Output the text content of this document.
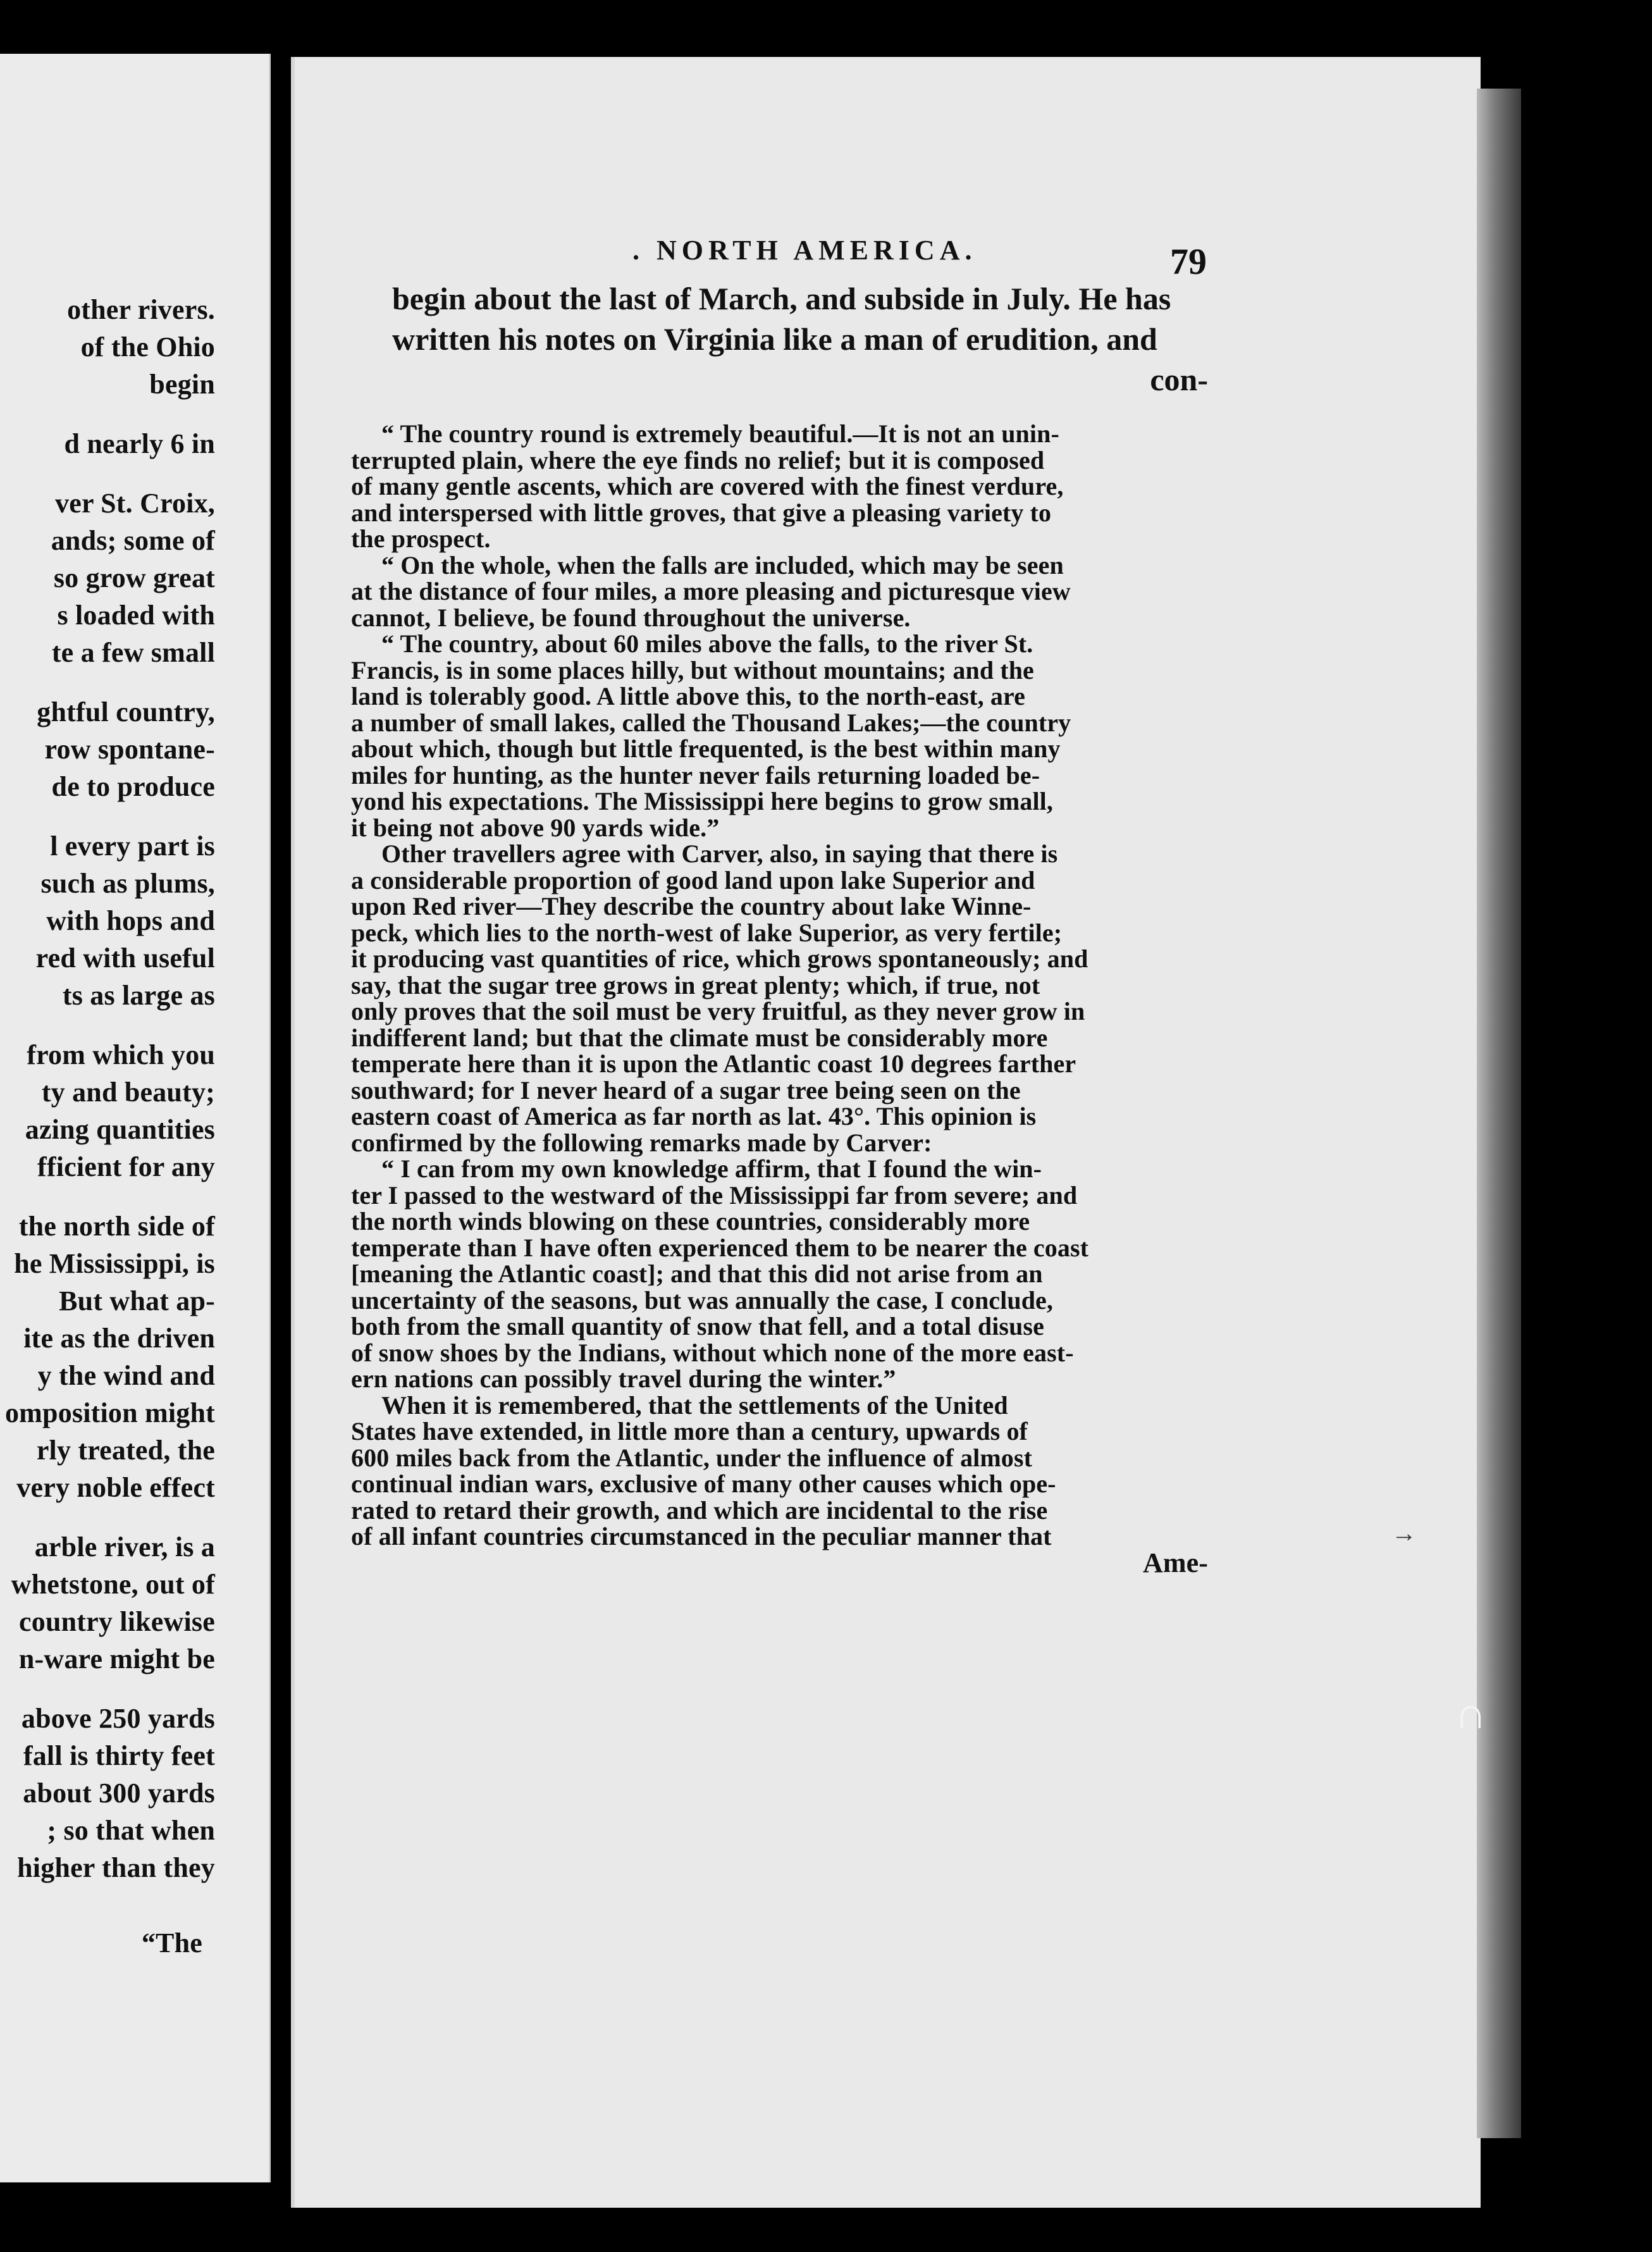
other rivers.
of the Ohio
begin
d nearly 6 in
ver St. Croix,
ands; some of
so grow great
s loaded with
te a few small
ghtful country,
row spontane-
de to produce
l every part is
such as plums,
with hops and
red with useful
ts as large as
from which you
ty and beauty;
azing quantities
fficient for any
the north side of
he Mississippi, is
But what ap-
ite as the driven
y the wind and
omposition might
rly treated, the
very noble effect
arble river, is a
whetstone, out of
country likewise
n-ware might be
above 250 yards
fall is thirty feet
about 300 yards
; so that when
higher than they
“The
. NORTH AMERICA.	79
begin about the last of March, and subside in July. He has
written his notes on Virginia like a man of erudition, and
con-
“ The country round is extremely beautiful.—It is not an unin-
terrupted plain, where the eye finds no relief; but it is composed
of many gentle ascents, which are covered with the finest verdure,
and interspersed with little groves, that give a pleasing variety to
the prospect.
“ On the whole, when the falls are included, which may be seen
at the distance of four miles, a more pleasing and picturesque view
cannot, I believe, be found throughout the universe.
“ The country, about 60 miles above the falls, to the river St.
Francis, is in some places hilly, but without mountains; and the
land is tolerably good. A little above this, to the north-east, are
a number of small lakes, called the Thousand Lakes;—the country
about which, though but little frequented, is the best within many
miles for hunting, as the hunter never fails returning loaded be-
yond his expectations. The Mississippi here begins to grow small,
it being not above 90 yards wide.”
Other travellers agree with Carver, also, in saying that there is
a considerable proportion of good land upon lake Superior and
upon Red river—They describe the country about lake Winne-
peck, which lies to the north-west of lake Superior, as very fertile;
it producing vast quantities of rice, which grows spontaneously; and
say, that the sugar tree grows in great plenty; which, if true, not
only proves that the soil must be very fruitful, as they never grow in
indifferent land; but that the climate must be considerably more
temperate here than it is upon the Atlantic coast 10 degrees farther
southward; for I never heard of a sugar tree being seen on the
eastern coast of America as far north as lat. 43°. This opinion is
confirmed by the following remarks made by Carver:
“ I can from my own knowledge affirm, that I found the win-
ter I passed to the westward of the Mississippi far from severe; and
the north winds blowing on these countries, considerably more
temperate than I have often experienced them to be nearer the coast
[meaning the Atlantic coast]; and that this did not arise from an
uncertainty of the seasons, but was annually the case, I conclude,
both from the small quantity of snow that fell, and a total disuse
of snow shoes by the Indians, without which none of the more east-
ern nations can possibly travel during the winter.”
When it is remembered, that the settlements of the United
States have extended, in little more than a century, upwards of
600 miles back from the Atlantic, under the influence of almost
continual indian wars, exclusive of many other causes which ope-
rated to retard their growth, and which are incidental to the rise
of all infant countries circumstanced in the peculiar manner that
Ame-
→
∩
